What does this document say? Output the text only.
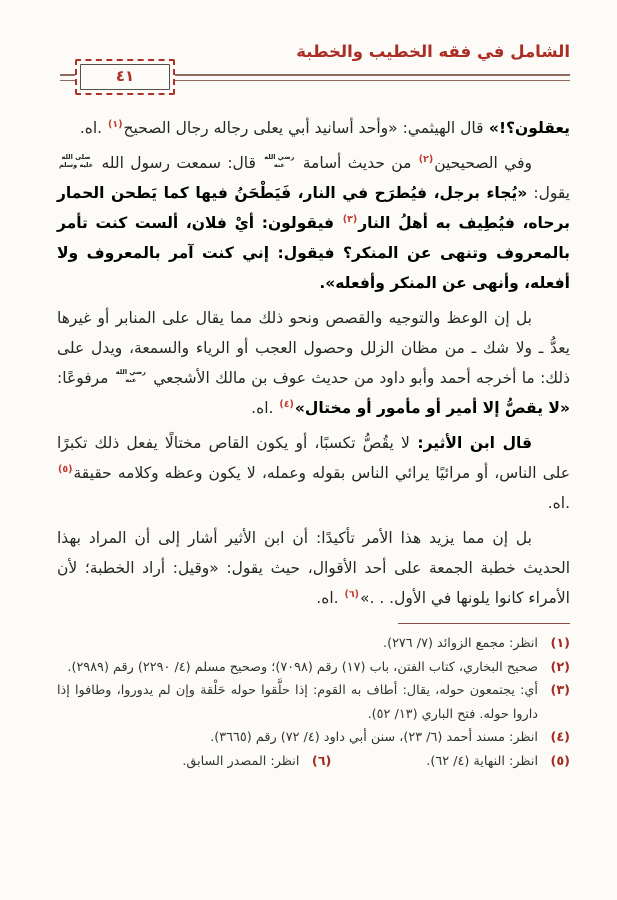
الشامل في فقه الخطيب والخطبة
٤١

يعقلون؟!» قال الهيثمي: «وأحد أسانيد أبي يعلى رجاله رجال الصحيح$^{(١)}$ .اه.

وفي الصحيحين$^{(٢)}$ من حديث أسامة
رضي الله
عنه
قال: سمعت رسول الله
صلى الله
عليه وسلم
يقول: «يُجاء برجل، فيُطرَح في النار، فَيَطْحَنُ فيها كما يَطحن الحمار برحاه، فيُطِيف به أهلُ النار$^{(٣)}$ فيقولون: أيْ فلان، ألست كنت تأمر بالمعروف وتنهى عن المنكر؟ فيقول: إني كنت آمر بالمعروف ولا أفعله، وأنهى عن المنكر وأفعله».

بل إن الوعظ والتوجيه والقصص ونحو ذلك مما يقال على المنابر أو غيرها يعدُّ ـ ولا شك ـ من مظان الزلل وحصول العجب أو الرياء والسمعة، ويدل على ذلك: ما أخرجه أحمد وأبو داود من حديث عوف بن مالك الأشجعي
رضي الله
عنه
مرفوعًا: «لا يقصُّ إلا أمير أو مأمور أو مختال»$^{(٤)}$ .اه.

قال ابن الأثير: لا يقُصُّ تكسبًا، أو يكون القاص مختالًا يفعل ذلك تكبرًا على الناس، أو مرائيًا يرائي الناس بقوله وعمله، لا يكون وعظه وكلامه حقيقة$^{(٥)}$ .اه.

بل إن مما يزيد هذا الأمر تأكيدًا: أن ابن الأثير أشار إلى أن المراد بهذا الحديث خطبة الجمعة على أحد الأقوال، حيث يقول: «وقيل: أراد الخطبة؛ لأن الأمراء كانوا يلونها في الأول. . .»$^{(٦)}$ .اه.

(١)
انظر: مجمع الزوائد (٧/ ٢٧٦).
(٢)
صحيح البخاري، كتاب الفتن، باب (١٧) رقم (٧٠٩٨)؛ وصحيح مسلم (٤/ ٢٢٩٠) رقم (٢٩٨٩).
(٣)
أي: يجتمعون حوله، يقال: أطاف به القوم: إذا حلَّقوا حوله حَلْقة وإن لم يدوروا، وطافوا إذا داروا حوله. فتح الباري (١٣/ ٥٢).
(٤)
انظر: مسند أحمد (٦/ ٢٣)، سنن أبي داود (٤/ ٧٢) رقم (٣٦٦٥).
(٥)
انظر: النهاية (٤/ ٦٢).
(٦)
انظر: المصدر السابق.
